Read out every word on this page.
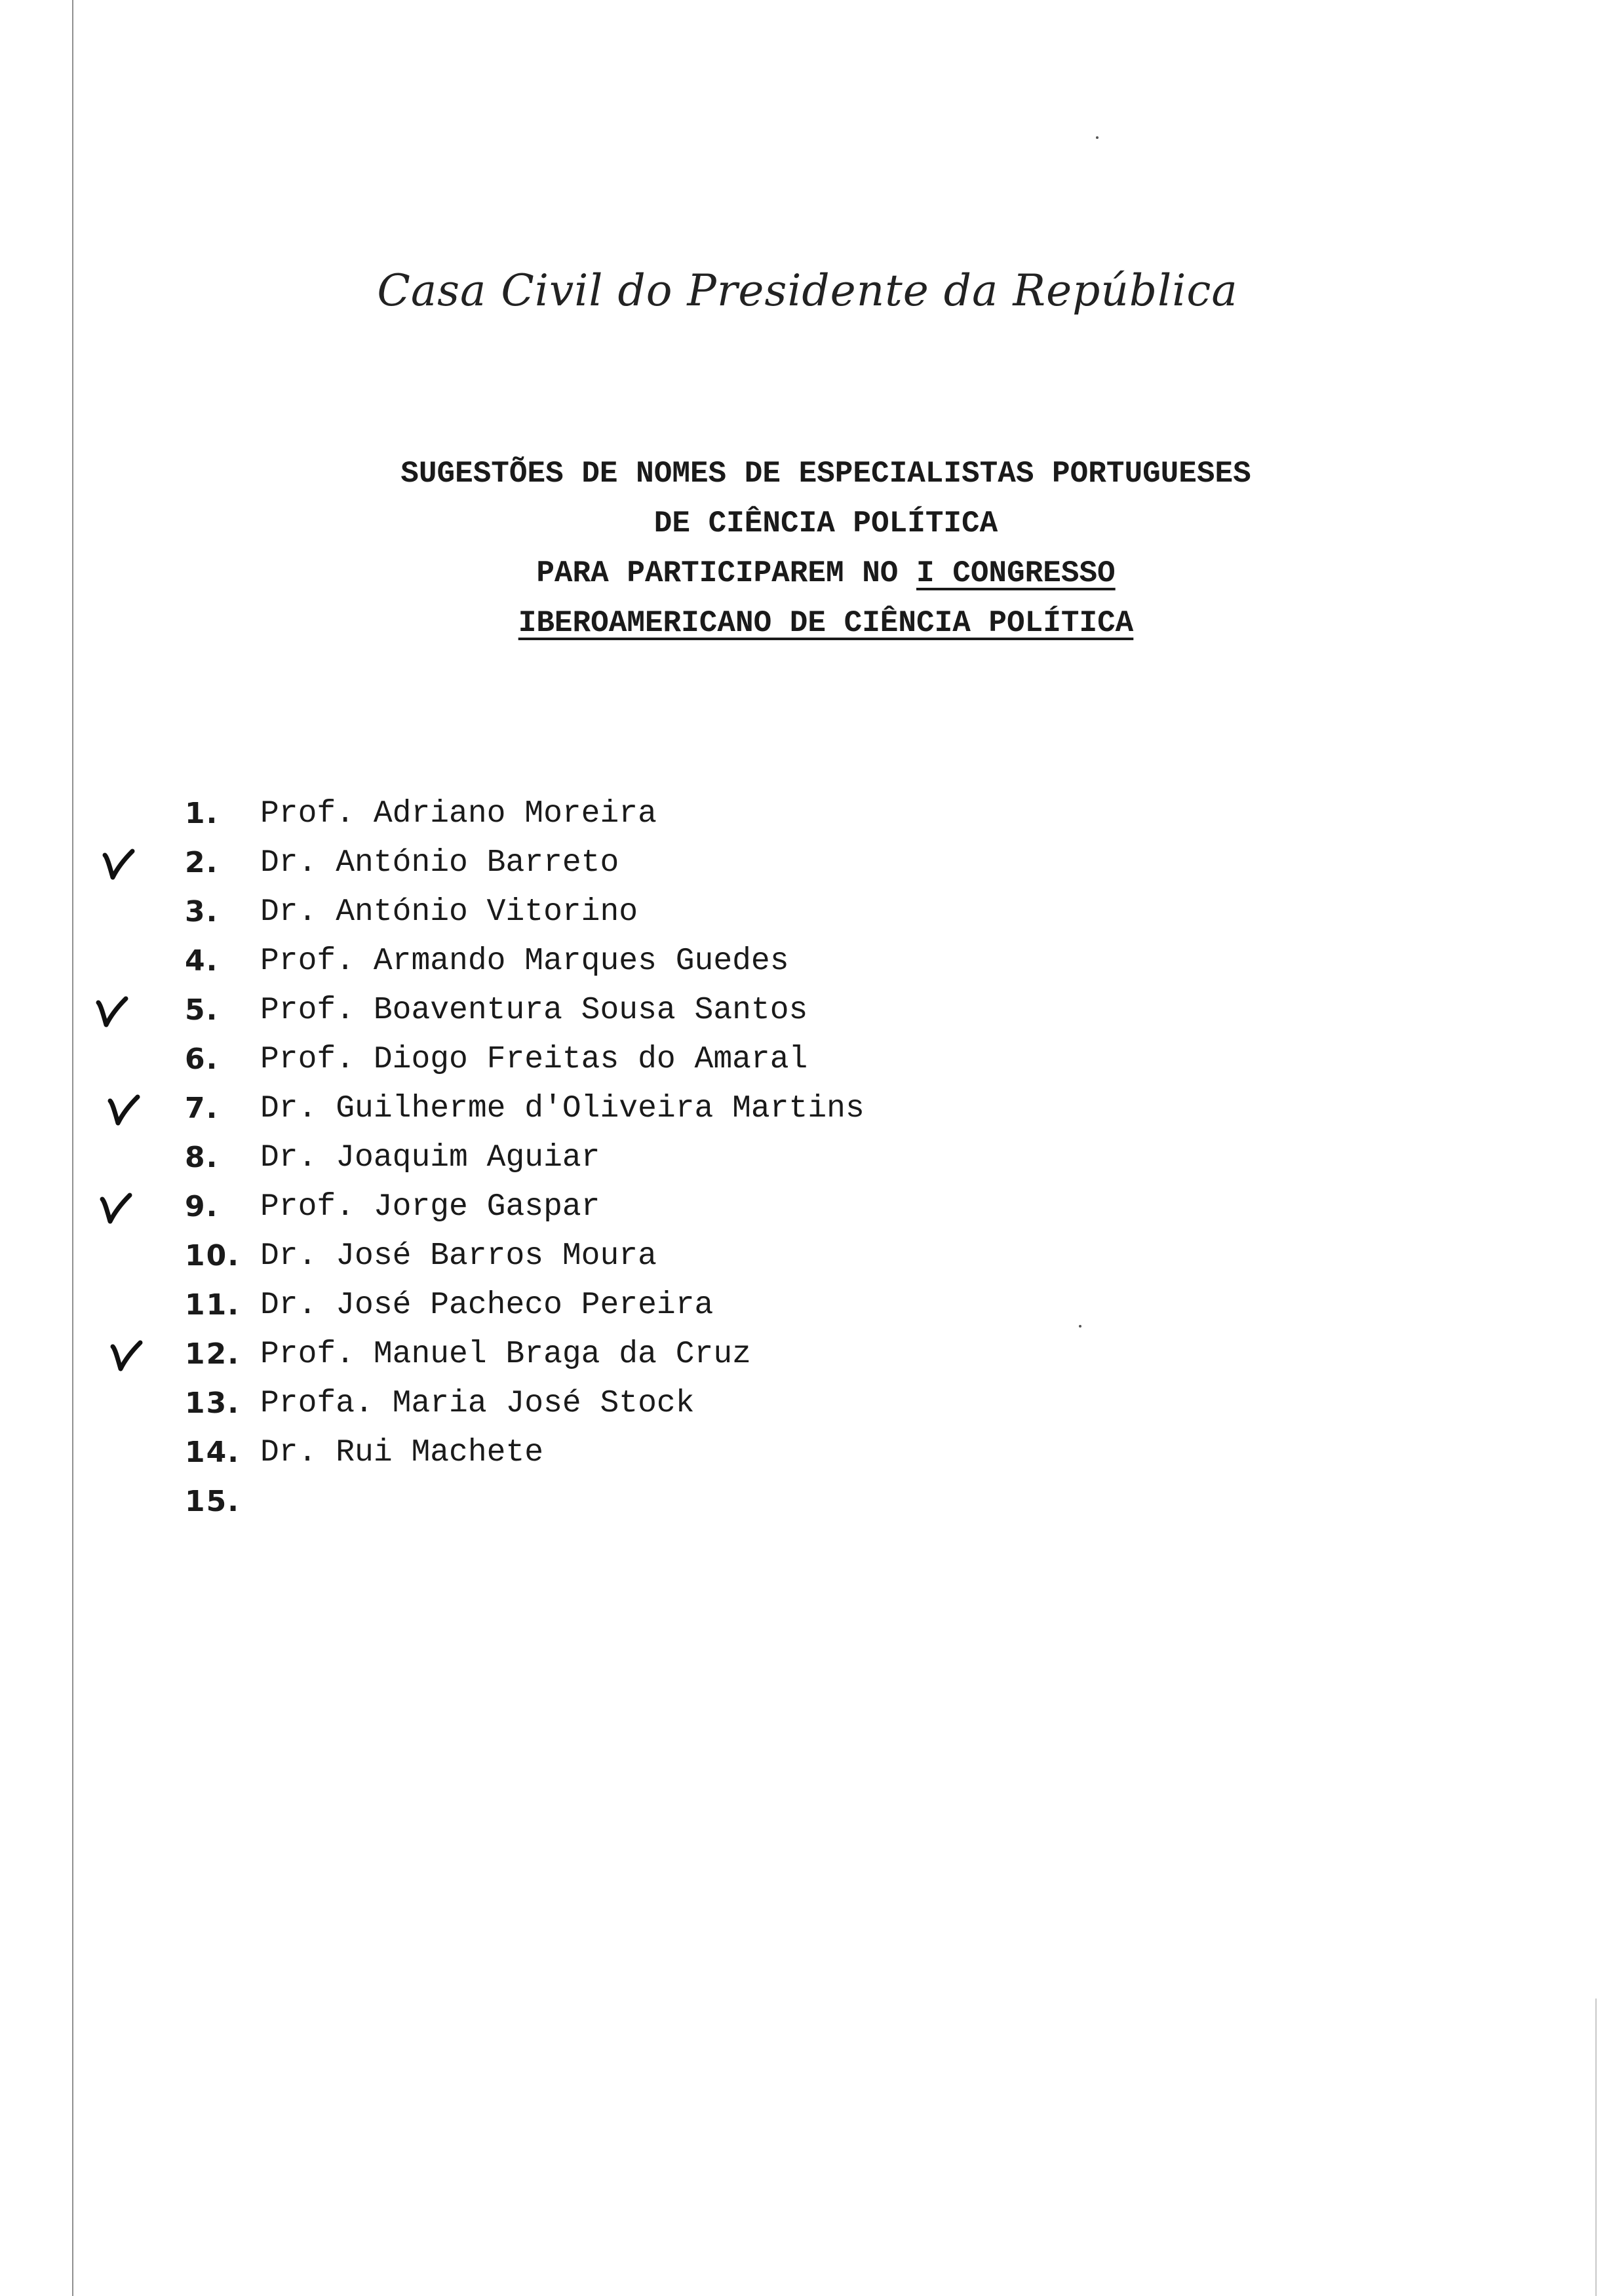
Casa Civil do Presidente da República
SUGESTÕES DE NOMES DE ESPECIALISTAS PORTUGUESES
DE CIÊNCIA POLÍTICA
PARA PARTICIPAREM NO I CONGRESSO
IBEROAMERICANO DE CIÊNCIA POLÍTICA
1. Prof. Adriano Moreira
2. Dr. António Barreto
3. Dr. António Vitorino
4. Prof. Armando Marques Guedes
5. Prof. Boaventura Sousa Santos
6. Prof. Diogo Freitas do Amaral
7. Dr. Guilherme d'Oliveira Martins
8. Dr. Joaquim Aguiar
9. Prof. Jorge Gaspar
10. Dr. José Barros Moura
11. Dr. José Pacheco Pereira
12. Prof. Manuel Braga da Cruz
13. Profa. Maria José Stock
14. Dr. Rui Machete
15.
